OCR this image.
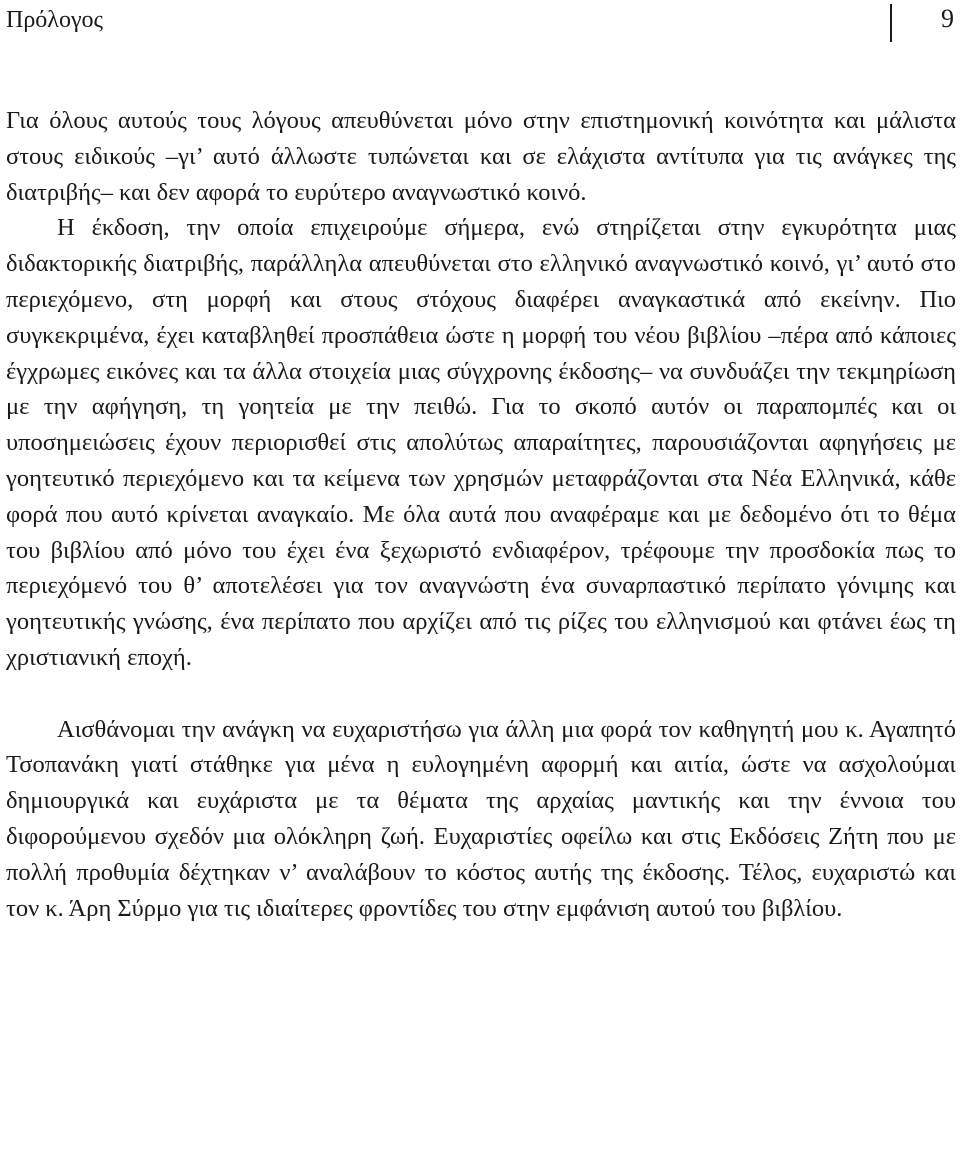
Πρόλογος	9

Για όλους αυτούς τους λόγους απευθύνεται μόνο στην επιστημονική κοινότητα και μάλιστα στους ειδικούς –γι’ αυτό άλλωστε τυπώνεται και σε ελάχιστα αντίτυπα για τις ανάγκες της διατριβής– και δεν αφορά το ευρύτερο αναγνωστικό κοινό.

Η έκδοση, την οποία επιχειρούμε σήμερα, ενώ στηρίζεται στην εγκυρότητα μιας διδακτορικής διατριβής, παράλληλα απευθύνεται στο ελληνικό αναγνωστικό κοινό, γι’ αυτό στο περιεχόμενο, στη μορφή και στους στόχους διαφέρει αναγκαστικά από εκείνην. Πιο συγκεκριμένα, έχει καταβληθεί προσπάθεια ώστε η μορφή του νέου βιβλίου –πέρα από κάποιες έγχρωμες εικόνες και τα άλλα στοιχεία μιας σύγχρονης έκδοσης– να συνδυάζει την τεκμηρίωση με την αφήγηση, τη γοητεία με την πειθώ. Για το σκοπό αυτόν οι παραπομπές και οι υποσημειώσεις έχουν περιορισθεί στις απολύτως απαραίτητες, παρουσιάζονται αφηγήσεις με γοητευτικό περιεχόμενο και τα κείμενα των χρησμών μεταφράζονται στα Νέα Ελληνικά, κάθε φορά που αυτό κρίνεται αναγκαίο. Με όλα αυτά που αναφέραμε και με δεδομένο ότι το θέμα του βιβλίου από μόνο του έχει ένα ξεχωριστό ενδιαφέρον, τρέφουμε την προσδοκία πως το περιεχόμενό του θ’ αποτελέσει για τον αναγνώστη ένα συναρπαστικό περίπατο γόνιμης και γοητευτικής γνώσης, ένα περίπατο που αρχίζει από τις ρίζες του ελληνισμού και φτάνει έως τη χριστιανική εποχή.

Αισθάνομαι την ανάγκη να ευχαριστήσω για άλλη μια φορά τον καθηγητή μου κ. Αγαπητό Τσοπανάκη γιατί στάθηκε για μένα η ευλογημένη αφορμή και αιτία, ώστε να ασχολούμαι δημιουργικά και ευχάριστα με τα θέματα της αρχαίας μαντικής και την έννοια του διφορούμενου σχεδόν μια ολόκληρη ζωή. Ευχαριστίες οφείλω και στις Εκδόσεις Ζήτη που με πολλή προθυμία δέχτηκαν ν’ αναλάβουν το κόστος αυτής της έκδοσης. Τέλος, ευχαριστώ και τον κ. Άρη Σύρμο για τις ιδιαίτερες φροντίδες του στην εμφάνιση αυτού του βιβλίου.
